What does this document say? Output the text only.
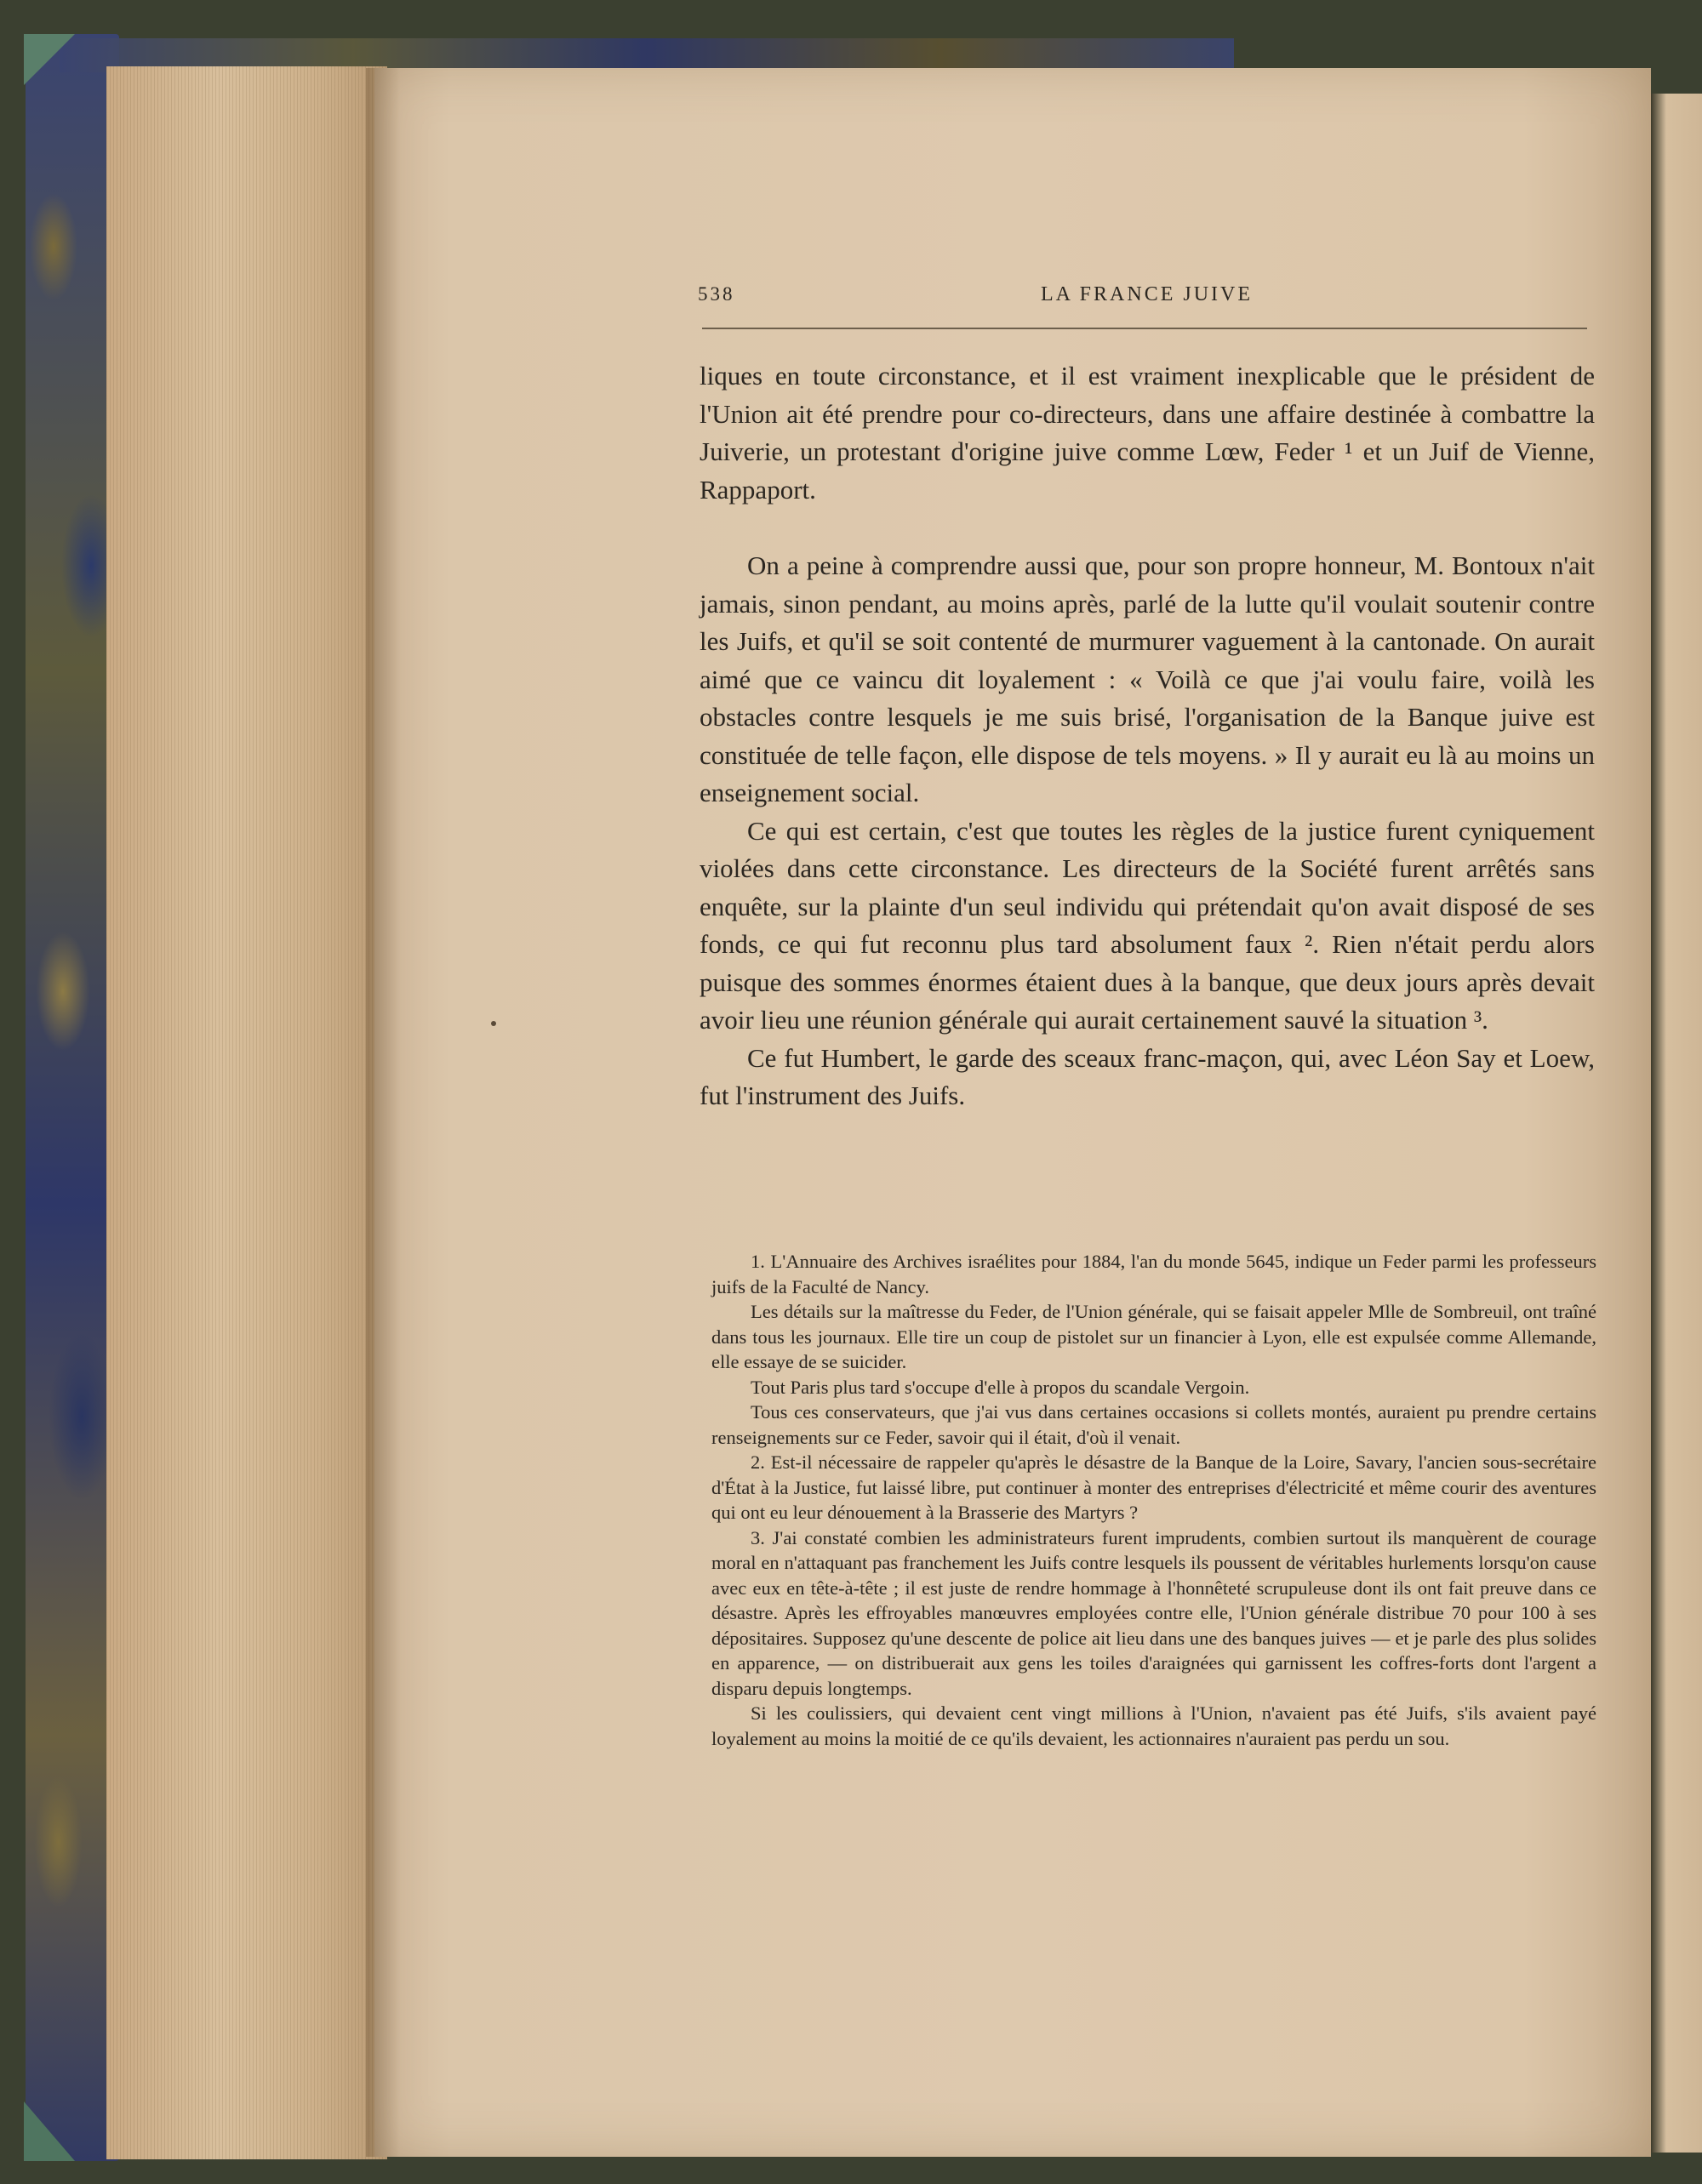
538	LA FRANCE JUIVE

liques en toute circonstance, et il est vraiment inexplicable que le président de l'Union ait été prendre pour co-directeurs, dans une affaire destinée à combattre la Juiverie, un protestant d'origine juive comme Lœw, Feder ¹ et un Juif de Vienne, Rappaport.

On a peine à comprendre aussi que, pour son propre honneur, M. Bontoux n'ait jamais, sinon pendant, au moins après, parlé de la lutte qu'il voulait soutenir contre les Juifs, et qu'il se soit contenté de murmurer vaguement à la cantonade. On aurait aimé que ce vaincu dit loyalement : « Voilà ce que j'ai voulu faire, voilà les obstacles contre lesquels je me suis brisé, l'organisation de la Banque juive est constituée de telle façon, elle dispose de tels moyens. » Il y aurait eu là au moins un enseignement social.

Ce qui est certain, c'est que toutes les règles de la justice furent cyniquement violées dans cette circonstance. Les directeurs de la Société furent arrêtés sans enquête, sur la plainte d'un seul individu qui prétendait qu'on avait disposé de ses fonds, ce qui fut reconnu plus tard absolument faux ². Rien n'était perdu alors puisque des sommes énormes étaient dues à la banque, que deux jours après devait avoir lieu une réunion générale qui aurait certainement sauvé la situation ³.

Ce fut Humbert, le garde des sceaux franc-maçon, qui, avec Léon Say et Loew, fut l'instrument des Juifs.

1. L'Annuaire des Archives israélites pour 1884, l'an du monde 5645, indique un Feder parmi les professeurs juifs de la Faculté de Nancy.

Les détails sur la maîtresse du Feder, de l'Union générale, qui se faisait appeler Mlle de Sombreuil, ont traîné dans tous les journaux. Elle tire un coup de pistolet sur un financier à Lyon, elle est expulsée comme Allemande, elle essaye de se suicider.

Tout Paris plus tard s'occupe d'elle à propos du scandale Vergoin.

Tous ces conservateurs, que j'ai vus dans certaines occasions si collets montés, auraient pu prendre certains renseignements sur ce Feder, savoir qui il était, d'où il venait.

2. Est-il nécessaire de rappeler qu'après le désastre de la Banque de la Loire, Savary, l'ancien sous-secrétaire d'État à la Justice, fut laissé libre, put continuer à monter des entreprises d'électricité et même courir des aventures qui ont eu leur dénouement à la Brasserie des Martyrs ?

3. J'ai constaté combien les administrateurs furent imprudents, combien surtout ils manquèrent de courage moral en n'attaquant pas franchement les Juifs contre lesquels ils poussent de véritables hurlements lorsqu'on cause avec eux en tête-à-tête ; il est juste de rendre hommage à l'honnêteté scrupuleuse dont ils ont fait preuve dans ce désastre. Après les effroyables manœuvres employées contre elle, l'Union générale distribue 70 pour 100 à ses dépositaires. Supposez qu'une descente de police ait lieu dans une des banques juives — et je parle des plus solides en apparence, — on distribuerait aux gens les toiles d'araignées qui garnissent les coffres-forts dont l'argent a disparu depuis longtemps.

Si les coulissiers, qui devaient cent vingt millions à l'Union, n'avaient pas été Juifs, s'ils avaient payé loyalement au moins la moitié de ce qu'ils devaient, les actionnaires n'auraient pas perdu un sou.
